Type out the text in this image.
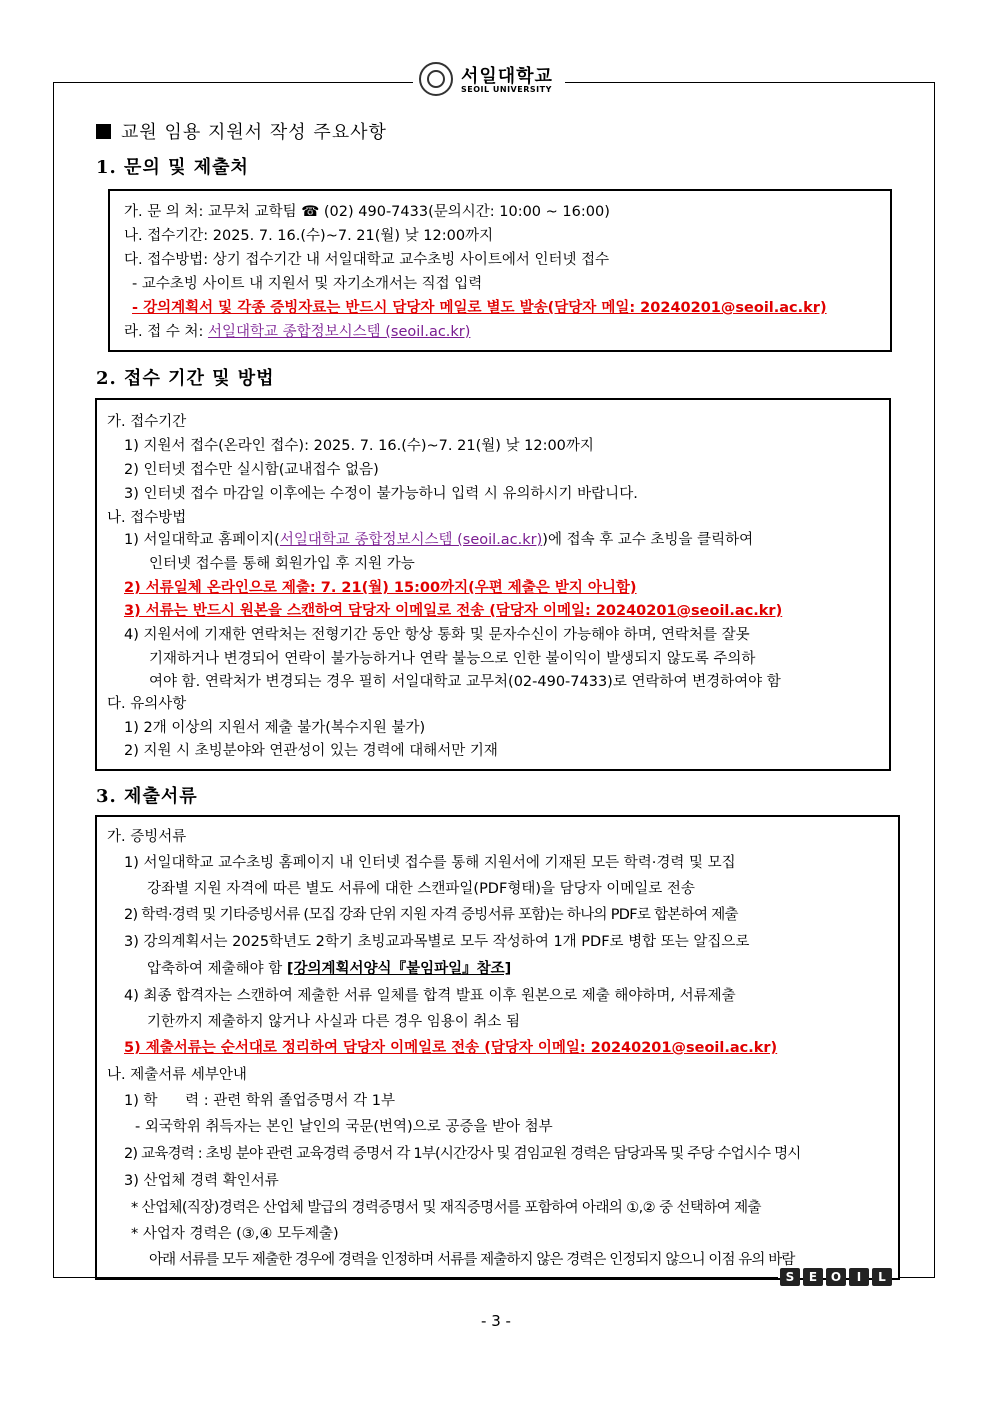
서일대학교
SEOIL UNIVERSITY
교원 임용 지원서 작성 주요사항
1. 문의 및 제출처
가. 문 의 처: 교무처 교학팀 ☎ (02) 490-7433(문의시간: 10:00 ~ 16:00)
나. 접수기간: 2025. 7. 16.(수)~7. 21(월) 낮 12:00까지
다. 접수방법: 상기 접수기간 내 서일대학교 교수초빙 사이트에서 인터넷 접수
- 교수초빙 사이트 내 지원서 및 자기소개서는 직접 입력
- 강의계획서 및 각종 증빙자료는 반드시 담당자 메일로 별도 발송(담당자 메일: 20240201@seoil.ac.kr)
라. 접 수 처: 서일대학교 종합정보시스템 (seoil.ac.kr)
2. 접수 기간 및 방법
가. 접수기간
1) 지원서 접수(온라인 접수): 2025. 7. 16.(수)~7. 21(월) 낮 12:00까지
2) 인터넷 접수만 실시함(교내접수 없음)
3) 인터넷 접수 마감일 이후에는 수정이 불가능하니 입력 시 유의하시기 바랍니다.
나. 접수방법
1) 서일대학교 홈페이지(서일대학교 종합정보시스템 (seoil.ac.kr))에 접속 후 교수 초빙을 클릭하여
인터넷 접수를 통해 회원가입 후 지원 가능
2) 서류일체 온라인으로 제출: 7. 21(월) 15:00까지(우편 제출은 받지 아니함)
3) 서류는 반드시 원본을 스캔하여 담당자 이메일로 전송 (담당자 이메일: 20240201@seoil.ac.kr)
4) 지원서에 기재한 연락처는 전형기간 동안 항상 통화 및 문자수신이 가능해야 하며, 연락처를 잘못
기재하거나 변경되어 연락이 불가능하거나 연락 불능으로 인한 불이익이 발생되지 않도록 주의하
여야 함. 연락처가 변경되는 경우 필히 서일대학교 교무처(02-490-7433)로 연락하여 변경하여야 함
다. 유의사항
1) 2개 이상의 지원서 제출 불가(복수지원 불가)
2) 지원 시 초빙분야와 연관성이 있는 경력에 대해서만 기재
3. 제출서류
가. 증빙서류
1) 서일대학교 교수초빙 홈페이지 내 인터넷 접수를 통해 지원서에 기재된 모든 학력·경력 및 모집
강좌별 지원 자격에 따른 별도 서류에 대한 스캔파일(PDF형태)을 담당자 이메일로 전송
2) 학력·경력 및 기타증빙서류 (모집 강좌 단위 지원 자격 증빙서류 포함)는 하나의 PDF로 합본하여 제출
3) 강의계획서는 2025학년도 2학기 초빙교과목별로 모두 작성하여 1개 PDF로 병합 또는 알집으로
압축하여 제출해야 함 [강의계획서양식『붙임파일』참조]
4) 최종 합격자는 스캔하여 제출한 서류 일체를 합격 발표 이후 원본으로 제출 해야하며, 서류제출
기한까지 제출하지 않거나 사실과 다른 경우 임용이 취소 됨
5) 제출서류는 순서대로 정리하여 담당자 이메일로 전송 (담당자 이메일: 20240201@seoil.ac.kr)
나. 제출서류 세부안내
1) 학      력 : 관련 학위 졸업증명서 각 1부
- 외국학위 취득자는 본인 날인의 국문(번역)으로 공증을 받아 첨부
2) 교육경력 : 초빙 분야 관련 교육경력 증명서 각 1부(시간강사 및 겸임교원 경력은 담당과목 및 주당 수업시수 명시
3) 산업체 경력 확인서류
* 산업체(직장)경력은 산업체 발급의 경력증명서 및 재직증명서를 포함하여 아래의 ①,② 중 선택하여 제출
* 사업자 경력은 (③,④ 모두제출)
아래 서류를 모두 제출한 경우에 경력을 인정하며 서류를 제출하지 않은 경력은 인정되지 않으니 이점 유의 바람
S	E	O	I	L
- 3 -
